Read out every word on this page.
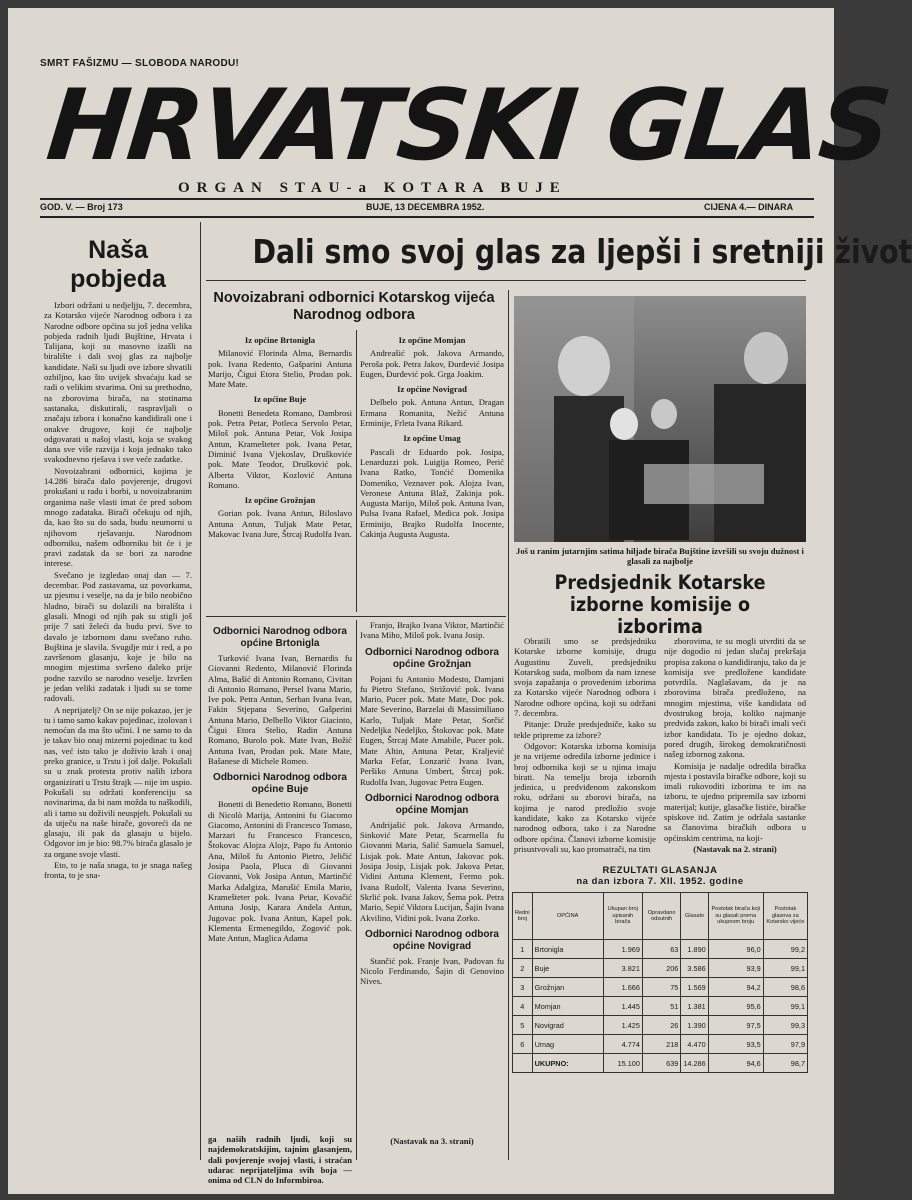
SMRT FAŠIZMU — SLOBODA NARODU!
HRVATSKI GLAS
ORGAN STAU-a KOTARA BUJE
GOD. V. — Broj 173	BUJE, 13 DECEMBRA 1952.	CIJENA 4.— DINARA
Naša pobjeda

Izbori održani u nedjeljju, 7. decembra, za Kotarsko vijeće Narodnog odbora i za Narodne odbore općina su još jedna velika pobjeda radnih ljudi Bujštine, Hrvata i Talijana, koji su masovno izašli na biralište i dali svoj glas za najbolje kandidate. Naši su ljudi ove izbore shvatili ozbiljno, kao što uvijek shvaćaju kad se radi o velikim stvarima. Oni su prethodno, na zborovima birača, na stotinama sastanaka, diskutirali, raspravljali o značaju izbora i konačno kandidirali one i onakve drugove, koji će najbolje odgovarati u našoj vlasti, koja se svakog dana sve više razvija i koja jednako tako svakodnevno rješava i sve veće zadatke.

Novoizabrani odbornici, kojima je 14.286 birača dalo povjerenje, drugovi prokušani u radu i borbi, u novoizabranim organima naše vlasti imat će pred sobom mnogo zadataka. Birači očekuju od njih, da, kao što su do sada, budu neumorni u njihovom rješavanju. Narodnom odborniku, našem odborniku bit će i je pravi zadatak da se bori za narodne interese.

Svečano je izgledao onaj dan — 7. decembar. Pod zastavama, uz povorkama, uz pjesmu i veselje, na da je bilo neobično hladno, birači su dolazili na birališta i glasali. Mnogi od njih pak su stigli još prije 7 sati želeći da budu prvi. Sve to davalo je izbornom danu svečano ruho. Bujština je slavila. Svugdje mir i red, a po završenom glasanju, koje je bilo na mnogim mjestima svršeno daleko prije podne razvilo se narodno veselje. Izvršen je jedan veliki zadatak i ljudi su se tome radovali.

A neprijatelj? On se nije pokazao, jer je tu i tamo samo kakav pojedinac, izolovan i nemoćan da ma što učini. I ne samo to da je takav bio onaj mizerni pojedinac tu kod nas, već isto tako je doživio krah i onaj preko granice, u Trstu i još dalje. Pokušali su u znak protesta protiv naših izbora organizirati u Trstu štrajk — nije im uspio. Pokušali su održati konferenciju sa novinarima, da bi nam možda tu naškodili, ali i tamo su doživili neuspjeh. Pokušali su da utječu na naše birače, govoreći da ne glasaju, ili pak da glasaju u bijelo. Odgovor im je bio: 98.7% birača glasalo je za organe svoje vlasti.

Eto, to je naša snaga, to je snaga našeg fronta, to je sna-

Dali smo svoj glas za ljepši i sretniji život
Novoizabrani odbornici Kotarskog vijeća Narodnog odbora
Iz općine Brtonigla

Milanović Florinda Alma, Bernardis pok. Ivana Redento, Gašparini Antuna Marijo, Čigui Etora Stelio, Prodan pok. Mate Mate.

Iz općine Buje

Bonetti Benedeta Romano, Dambrosi pok. Petra Petar, Potleca Servolo Petar, Miloš pok. Antuna Petar, Vok Josipa Antun, Kramešteter pok. Ivana Petar, Diminić Ivana Vjekoslav, Druškoviće pok. Mate Teodor, Drušković pok. Alberta Viktor, Kozlović Antuna Romano.

Iz općine Grožnjan

Gorian pok. Ivana Antun, Biloslavo Antuna Antun, Tuljak Mate Petar, Makovac Ivana Jure, Štrcaj Rudolfa Ivan.

Iz općine Momjan

Andreašić pok. Jakova Armando, Peroša pok. Petra Jakov, Đurđević Josipa Eugen, Đurđević pok. Grga Joakim.

Iz općine Novigrad

Delbelo pok. Antuna Antun, Dragan Ermana Romanita, Nežić Antuna Erminije, Frleta Ivana Rikard.

Iz općine Umag

Pascali dr Eduardo pok. Josipa, Lenarduzzi pok. Luigija Romeo, Perić Ivana Ratko, Tonćić Domenika Domeniko, Veznaver pok. Alojza Ivan, Veronese Antuna Blaž, Zakinja pok. Augusta Marijo, Miloš pok. Antuna Ivan, Pulsa Ivana Rafael, Medica pok. Josipa Erminijo, Brajko Rudolfa Inocente, Cakinja Augusta Augusta.

Odbornici Narodnog odbora općine Brtonigla

Turković Ivana Ivan, Bernardis fu Giovanni Redento, Milanović Florinda Alma, Bašić di Antonio Romano, Civitan di Antonio Romano, Persel Ivana Mario, Ive pok. Petra Antun, Serban Ivana Ivan, Fakin Stjepana Severino, Gašperini Antuna Mario, Delbello Viktor Giacinto, Čigui Etora Stelio, Radin Antuna Romano, Burolo pok. Mate Ivan, Božić Antuna Ivan, Prodan pok. Mate Mate, Bašanese di Michele Romeo.

Odbornici Narodnog odbora općine Buje

Bonetti di Benedetto Romano, Bonetti di Nicolò Marija, Antonini fu Giacomo Giacomo, Antonini di Francesco Tomaso, Marzari fu Francesco Francesco, Štokovac Alojza Alojz, Papo fu Antonio Ana, Miloš fu Antonio Pietro, Jeličić Josipa Paola, Pluca di Giovanni Giovanni, Vok Josipa Antun, Martinčić Marka Adalgiza, Marušić Emila Mario, Kramešteter pok. Ivana Petar, Kovačić Antuna Josip, Karara Andela Antun, Jugovac pok. Ivana Antun, Kapel pok. Klementa Ermenegildo, Zogović pok. Mate Antun, Maglica Adama

Franjo, Brajko Ivana Viktor, Martinčić Ivana Miho, Miloš pok. Ivana Josip.

Odbornici Narodnog odbora općine Grožnjan

Pojani fu Antonio Modesto, Damjani fu Pietro Stefano, Strižović pok. Ivana Mario, Pucer pok. Mate Mate, Doc pok. Mate Severino, Barzelai di Massimiliano Karlo, Tuljak Mate Petar, Sorčić Nedeljka Nedeljko, Štokovac pok. Mate Eugen, Štrcaj Mate Amabile, Pucer pok. Mate Altin, Antuna Petar, Kraljević Marka Fefar, Lonzarić Ivana Ivan, Peršiko Antuna Umbert, Štrcaj pok. Rudolfa Ivan, Jugovac Petra Eugen.

Odbornici Narodnog odbora općine Momjan

Andrijašić pok. Jakova Armando, Sinković Mate Petar, Scarmella fu Giovanni Maria, Salić Samuela Samuel, Lisjak pok. Mate Antun, Jakovac pok. Josipa Josip, Lisjak pok. Jakova Petar, Vidini Antuna Klement, Fermo pok. Ivana Rudolf, Valenta Ivana Severino, Skrlić pok. Ivana Jakov, Šema pok. Petra Mario, Sepić Viktora Lucijan, Šajin Ivana Akvilino, Vidini pok. Ivana Zorko.

Odbornici Narodnog odbora općine Novigrad

Stančić pok. Franje Ivan, Padovan fu Nicolo Ferdinando, Šajin di Genovino Nives.

ga naših radnih ljudi, koji su najdemokratskijim, tajnim glasanjem, dali povjerenje svojoj vlasti, i straćan udarac neprijateljima svih boja — onima od CLN do Informbiroa.

(Nastavak na 3. strani)
Još u ranim jutarnjim satima hiljade birača Bujštine izvršili su svoju dužnost i glasali za najbolje
Predsjednik Kotarske izborne komisije o izborima

Obratili smo se predsjedniku Kotarske izborne komisije, drugu Augustinu Zuveli, predsjedniku Kotarskog suda, molbom da nam iznese svoja zapažanja o provedenim izborima za Kotarsko vijeće Narodnog odbora i Narodne odbore općina, koji su održani 7. decembra.

Pitanje: Druže predsjedniče, kako su tekle pripreme za izbore?

Odgovor: Kotarska izborna komisija je na vrijeme odredila izborne jedinice i broj odbornika koji se u njima imaju birati. Na temelju broja izbornih jedinica, u predviđenom zakonskom roku, održani su zborovi birača, na kojima je narod predložio svoje kandidate, kako za Kotarsko vijeće narodnog odbora, tako i za Narodne odbore općina. Članovi izborne komisije prisustvovali su, kao promatrači, na tim

zborovima, te su mogli utvrditi da se nije dogodio ni jedan slučaj prekršaja propisa zakona o kandidiranju, tako da je komisija sve predložene kandidate potvrdila. Naglašavam, da je na zborovima birača predloženo, na mnogim mjestima, više kandidata od dvostrukog broja, koliko najmanje predviđa zakon, kako bi birači imali veći izbor kandidata. To je ojedno dokaz, pored drugih, širokog demokratičnosti našeg izbornog zakona.

Komisija je nadalje odredila biračka mjesta i postavila biračke odbore, koji su imali rukovoditi izborima te im na izboru, te ujedno pripremila sav izborni materijal; kutije, glasačke listiće, biračke spiskove itd. Zatim je održala sastanke sa članovima biračkih odbora u općinskim centrima, na koji-

(Nastavak na 2. strani)
REZULTATI GLASANJA
na dan izbora 7. XII. 1952. godine
Redni broj	OPĆINA	Ukupan broj upisanih birača	Opravdano odsutnih	Glasalo	Postotak birača koji su glasali prema ukupnom broju	Postotak glasova za Kotarsko vijeće
1	Brtonigla	1.969	63	1.890	96,0	99,2
2	Buje	3.821	206	3.586	93,9	99,1
3	Grožnjan	1.666	75	1.569	94,2	98,6
4	Momjan	1.445	51	1.381	95,6	99,1
5	Novigrad	1.425	26	1.390	97,5	99,3
6	Umag	4.774	218	4.470	93,5	97,9
	UKUPNO:	15.100	639	14.286	94,6	98,7
